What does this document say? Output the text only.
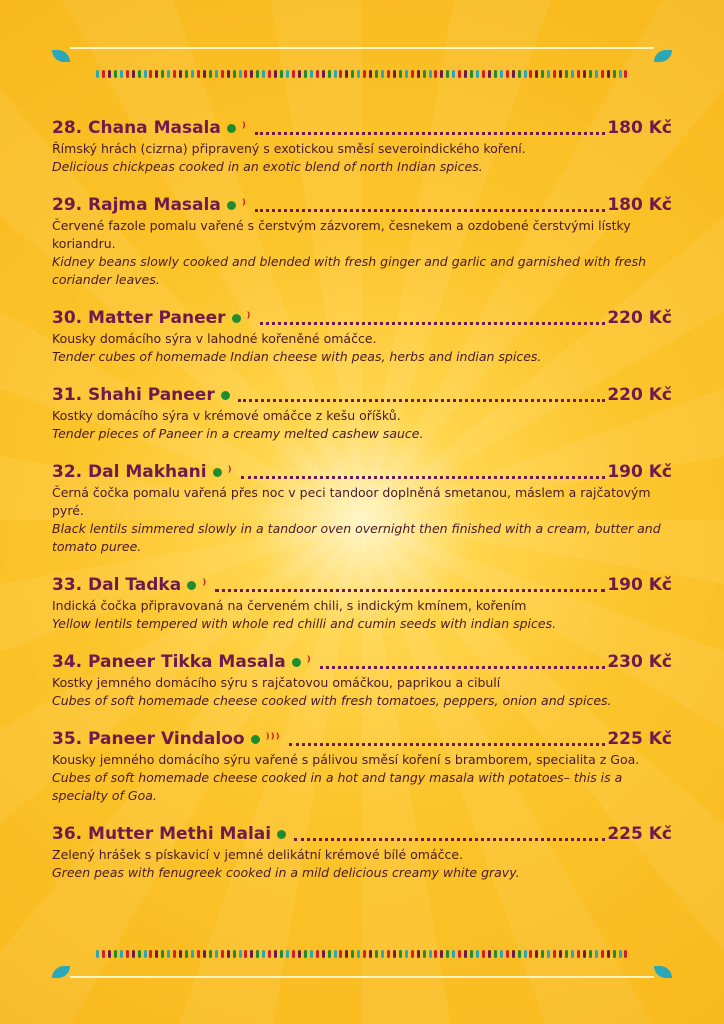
28. Chana Masala ⁾	180 Kč
Římský hrách (cizrna) připravený s exotickou směsí severoindického koření.
Delicious chickpeas cooked in an exotic blend of north Indian spices.
29. Rajma Masala ⁾	180 Kč
Červené fazole pomalu vařené s čerstvým zázvorem, česnekem a ozdobené čerstvými lístky koriandru.
Kidney beans slowly cooked and blended with fresh ginger and garlic and garnished with fresh coriander leaves.
30. Matter Paneer ⁾	220 Kč
Kousky domácího sýra v lahodné kořeněné omáčce.
Tender cubes of homemade Indian cheese with peas, herbs and indian spices.
31. Shahi Paneer	220 Kč
Kostky domácího sýra v krémové omáčce z kešu oříšků.
Tender pieces of Paneer in a creamy melted cashew sauce.
32. Dal Makhani ⁾	190 Kč
Černá čočka pomalu vařená přes noc v peci tandoor doplněná smetanou, máslem a rajčatovým pyré.
Black lentils simmered slowly in a tandoor oven overnight then finished with a cream, butter and tomato puree.
33. Dal Tadka ⁾	190 Kč
Indická čočka připravovaná na červeném chili, s indickým kmínem, kořením
Yellow lentils tempered with whole red chilli and cumin seeds with indian spices.
34. Paneer Tikka Masala ⁾	230 Kč
Kostky jemného domácího sýru s rajčatovou omáčkou, paprikou a cibulí
Cubes of soft homemade cheese cooked with fresh tomatoes, peppers, onion and spices.
35. Paneer Vindaloo ⁾⁾⁾	225 Kč
Kousky jemného domácího sýru vařené s pálivou směsí koření s bramborem, specialita z Goa.
Cubes of soft homemade cheese cooked in a hot and tangy masala with potatoes– this is a specialty of Goa.
36. Mutter Methi Malai	225 Kč
Zelený hrášek s pískavicí v jemné delikátní krémové bílé omáčce.
Green peas with fenugreek cooked in a mild delicious creamy white gravy.
